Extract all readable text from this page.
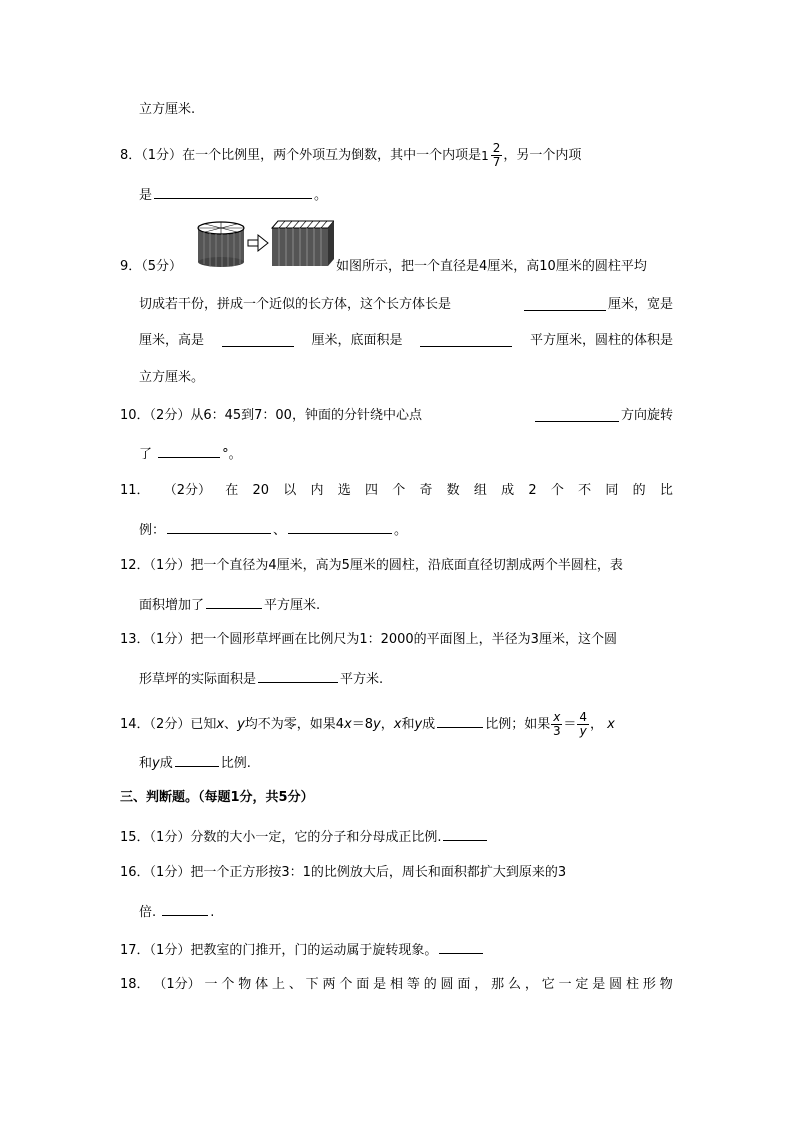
立方厘米.
8．（1分）在一个比例里，两个外项互为倒数，其中一个内项是 $1 \frac{2}{7}$ ，另一个内项
是	。
9．（5分）	如图所示，把一个直径是4厘米，高10厘米的圆柱平均
切成若干份，拼成一个近似的长方体，这个长方体长是	厘米，宽是
厘米，高是	厘米，底面积是	平方厘米，圆柱的体积是
立方厘米。
10．（2分）从6：45到7：00，钟面的分针绕中心点	方向旋转
了	°。
11． （2分） 在 20 以 内 选 四 个 奇 数 组 成 2 个 不 同 的 比
例：	、	。
12．（1分）把一个直径为4厘米，高为5厘米的圆柱，沿底面直径切割成两个半圆柱，表
面积增加了	平方厘米.
13．（1分）把一个圆形草坪画在比例尺为1：2000的平面图上，半径为3厘米，这个圆
形草坪的实际面积是	平方米.
14．（2分）已知x、y均不为零，如果4x＝8y，x和y成	比例；如果 $\frac{x}{3} = \frac{4}{y}$ ， x
和y成	比例.
三、判断题。（每题1分，共5分）
15．（1分）分数的大小一定，它的分子和分母成正比例.
16．（1分）把一个正方形按3：1的比例放大后，周长和面积都扩大到原来的3
倍.	.
17．（1分）把教室的门推开，门的运动属于旋转现象。
18． （1分） 一 个 物 体 上 、 下 两 个 面 是 相 等 的 圆 面 ， 那 么 ， 它 一 定 是 圆 柱 形 物
